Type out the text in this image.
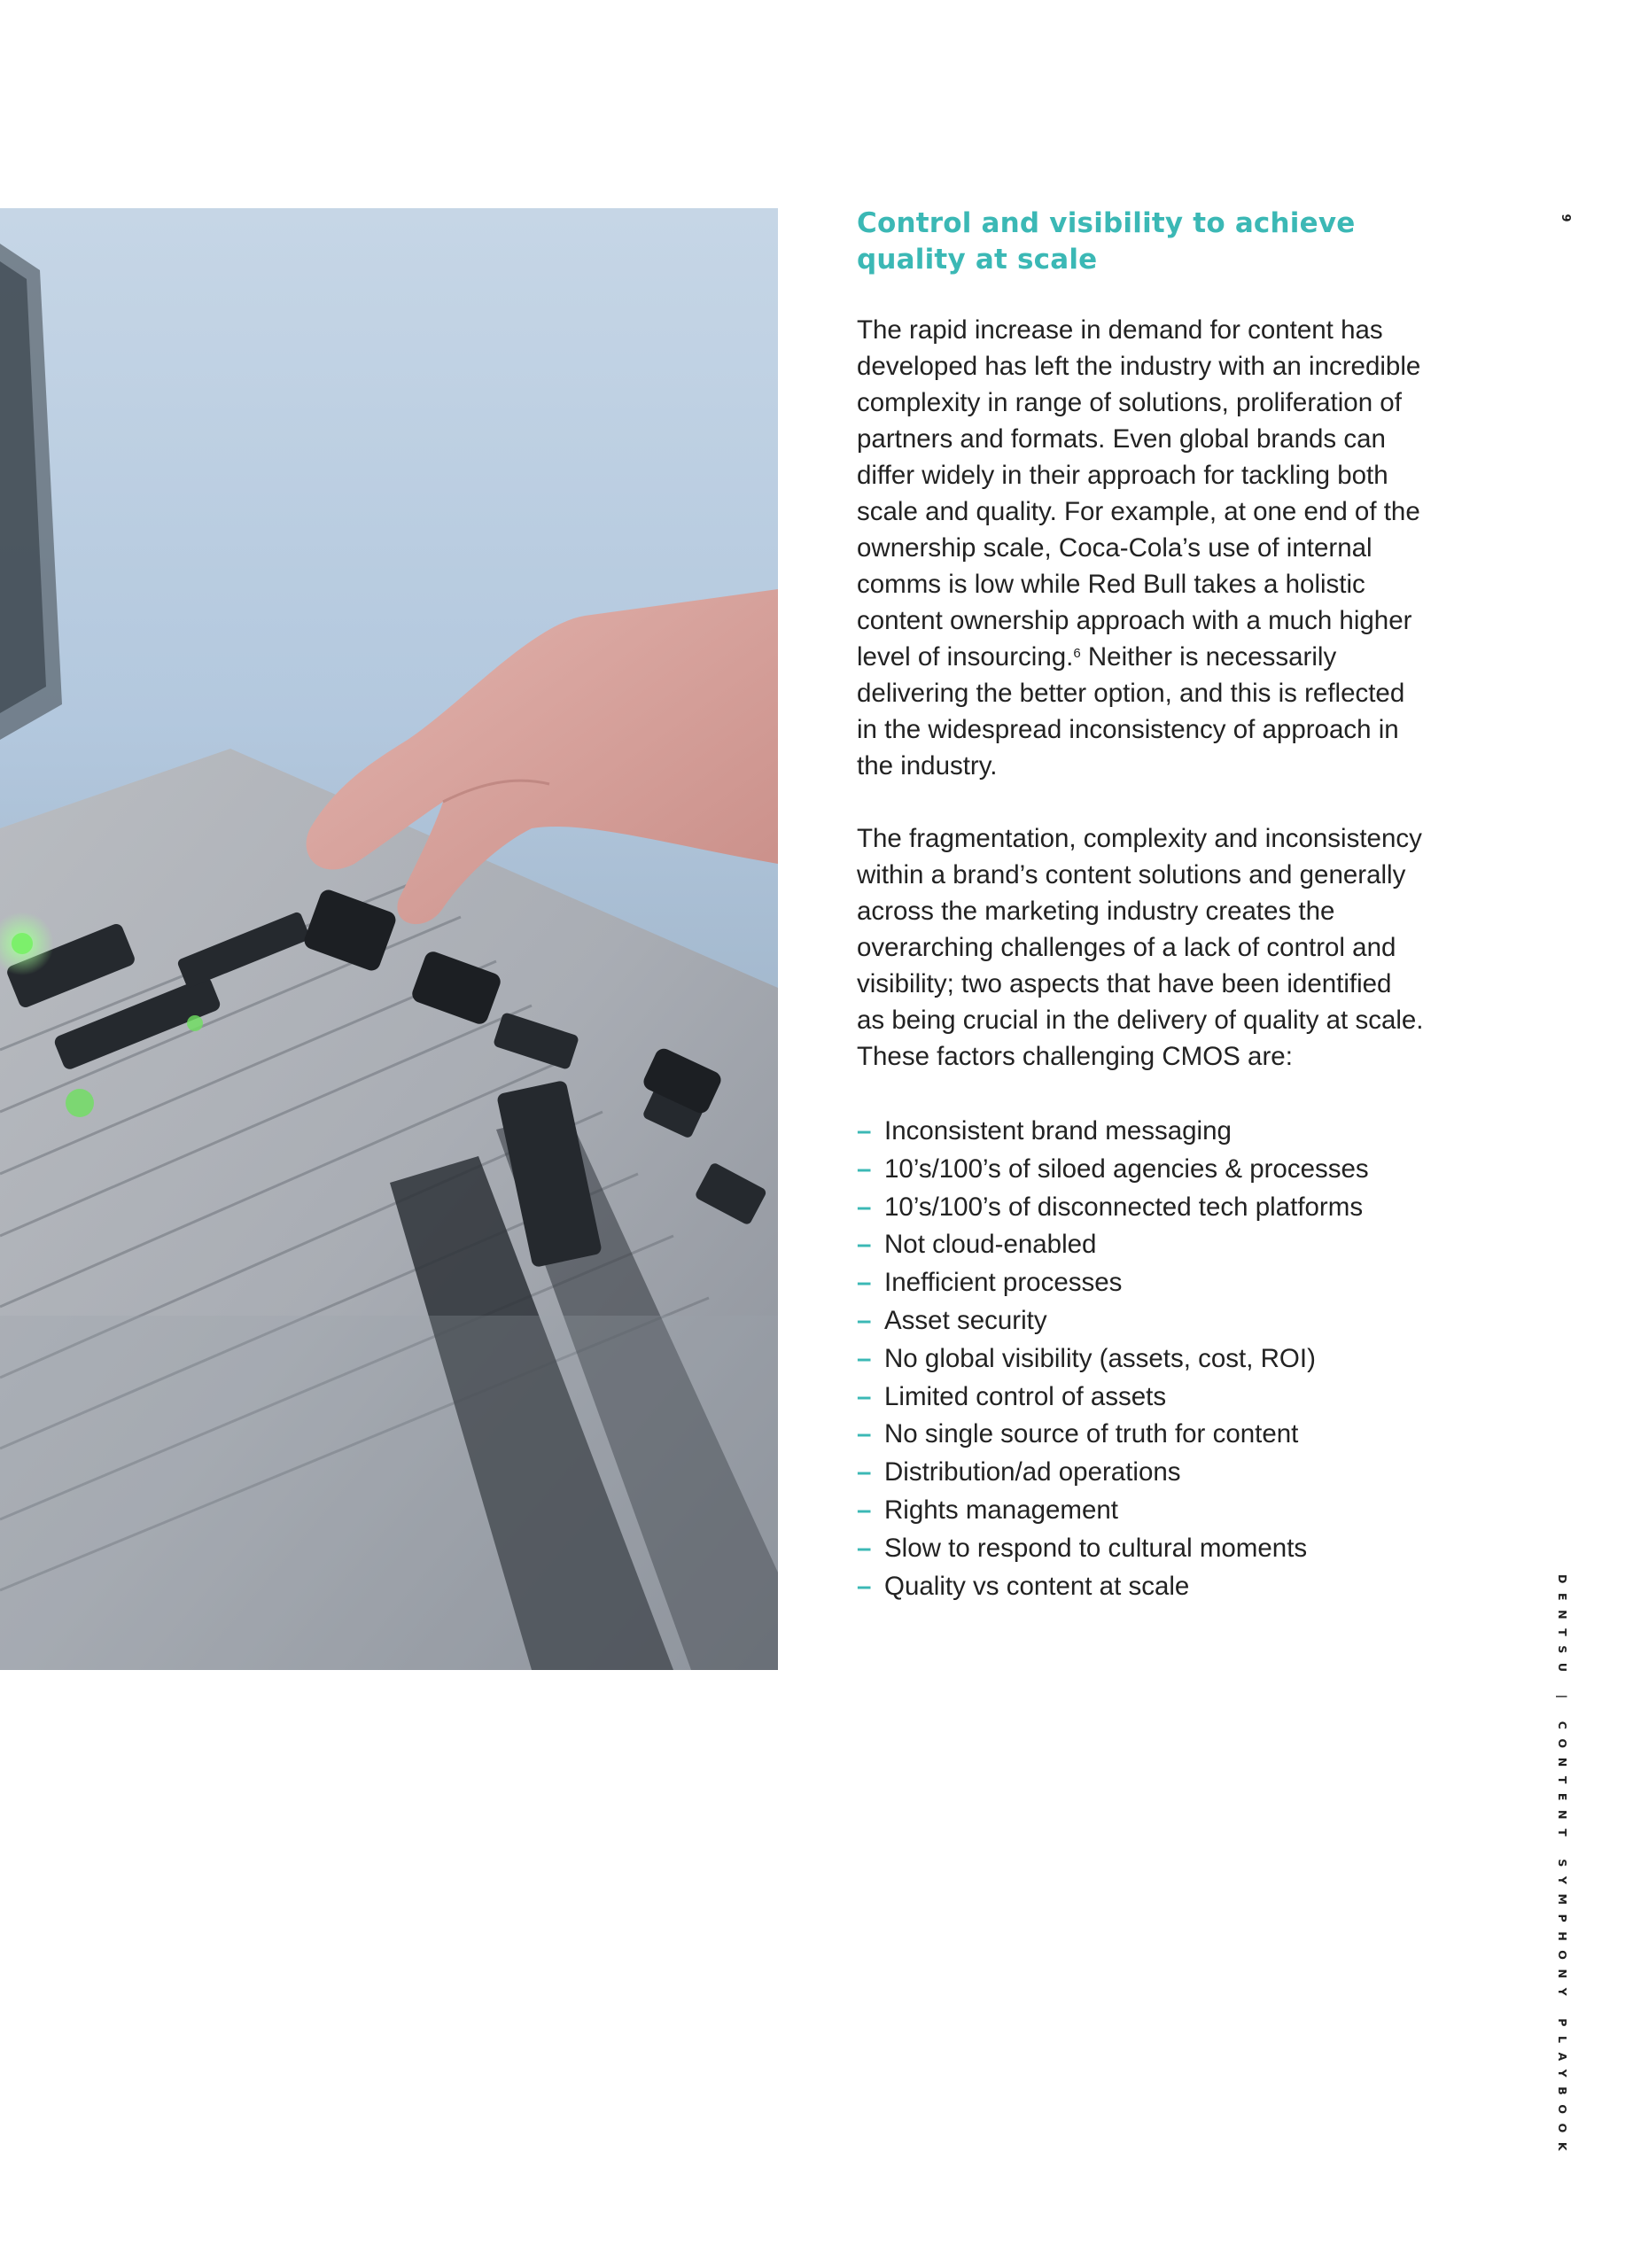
Control and visibility to achieve
quality at scale

The rapid increase in demand for content has developed has left the industry with an incredible complexity in range of solutions, proliferation of partners and formats. Even global brands can differ widely in their approach for tackling both scale and quality. For example, at one end of the ownership scale, Coca-Cola’s use of internal comms is low while Red Bull takes a holistic content ownership approach with a much higher level of insourcing.$^6$ Neither is necessarily delivering the better option, and this is reflected in the widespread inconsistency of approach in the industry.

The fragmentation, complexity and inconsistency within a brand’s content solutions and generally across the marketing industry creates the overarching challenges of a lack of control and visibility; two aspects that have been identified as being crucial in the delivery of quality at scale. These factors challenging CMOS are:

– Inconsistent brand messaging
– 10’s/100’s of siloed agencies & processes
– 10’s/100’s of disconnected tech platforms
– Not cloud-enabled
– Inefficient processes
– Asset security
– No global visibility (assets, cost, ROI)
– Limited control of assets
– No single source of truth for content
– Distribution/ad operations
– Rights management
– Slow to respond to cultural moments
– Quality vs content at scale
9
DENTSU | CONTENT SYMPHONY PLAYBOOK
